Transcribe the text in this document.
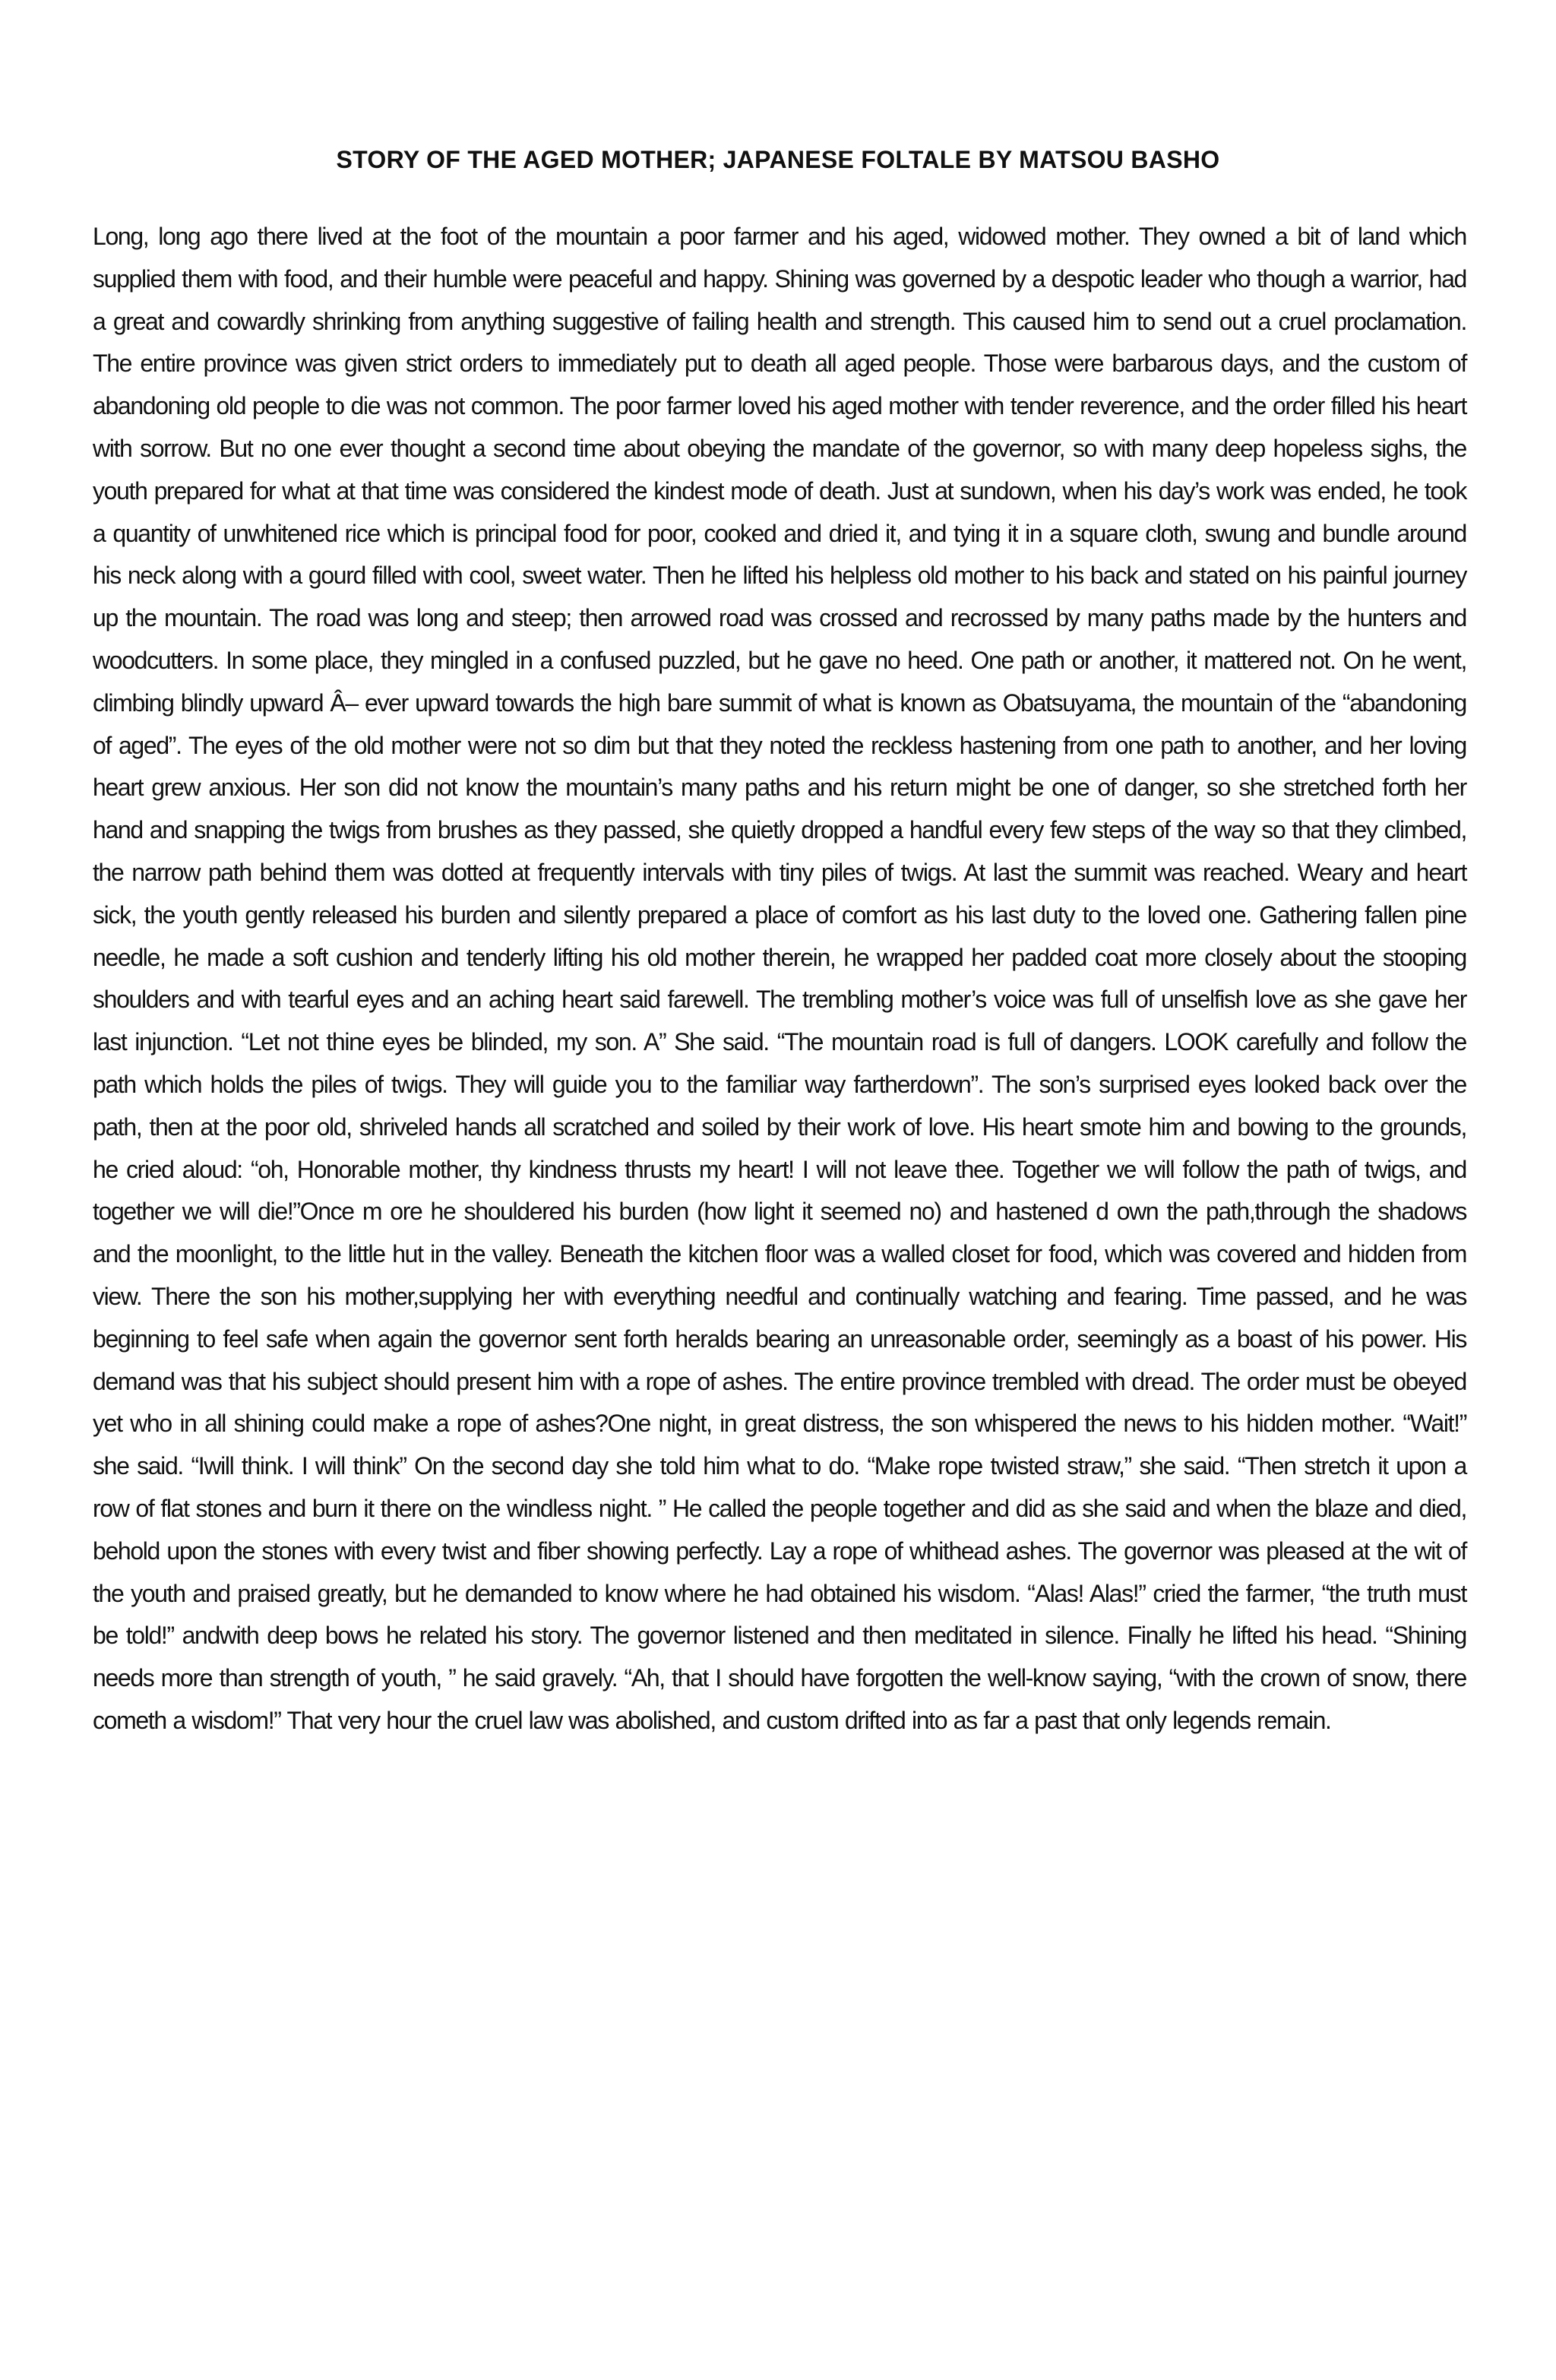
STORY OF THE AGED MOTHER; JAPANESE FOLTALE BY MATSOU BASHO

Long, long ago there lived at the foot of the mountain a poor farmer and his aged, widowed mother. They owned a bit of land which supplied them with food, and their humble were peaceful and happy. Shining was governed by a despotic leader who though a warrior, had a great and cowardly shrinking from anything suggestive of failing health and strength. This caused him to send out a cruel proclamation. The entire province was given strict orders to immediately put to death all aged people. Those were barbarous days, and the custom of abandoning old people to die was not common. The poor farmer loved his aged mother with tender reverence, and the order filled his heart with sorrow. But no one ever thought a second time about obeying the mandate of the governor, so with many deep hopeless sighs, the youth prepared for what at that time was considered the kindest mode of death. Just at sundown, when his day’s work was ended, he took a quantity of unwhitened rice which is principal food for poor, cooked and dried it, and tying it in a square cloth, swung and bundle around his neck along with a gourd filled with cool, sweet water. Then he lifted his helpless old mother to his back and stated on his painful journey up the mountain. The road was long and steep; then arrowed road was crossed and recrossed by many paths made by the hunters and woodcutters. In some place, they mingled in a confused puzzled, but he gave no heed. One path or another, it mattered not. On he went, climbing blindly upward Â– ever upward towards the high bare summit of what is known as Obatsuyama, the mountain of the “abandoning of aged”. The eyes of the old mother were not so dim but that they noted the reckless hastening from one path to another, and her loving heart grew anxious. Her son did not know the mountain’s many paths and his return might be one of danger, so she stretched forth her hand and snapping the twigs from brushes as they passed, she quietly dropped a handful every few steps of the way so that they climbed, the narrow path behind them was dotted at frequently intervals with tiny piles of twigs. At last the summit was reached. Weary and heart sick, the youth gently released his burden and silently prepared a place of comfort as his last duty to the loved one. Gathering fallen pine needle, he made a soft cushion and tenderly lifting his old mother therein, he wrapped her padded coat more closely about the stooping shoulders and with tearful eyes and an aching heart said farewell. The trembling mother’s voice was full of unselfish love as she gave her last injunction. “Let not thine eyes be blinded, my son. A” She said. “The mountain road is full of dangers. LOOK carefully and follow the path which holds the piles of twigs. They will guide you to the familiar way fartherdown”. The son’s surprised eyes looked back over the path, then at the poor old, shriveled hands all scratched and soiled by their work of love. His heart smote him and bowing to the grounds, he cried aloud: “oh, Honorable mother, thy kindness thrusts my heart! I will not leave thee. Together we will follow the path of twigs, and together we will die!”Once m ore he shouldered his burden (how light it seemed no) and hastened d own the path,through the shadows and the moonlight, to the little hut in the valley. Beneath the kitchen floor was a walled closet for food, which was covered and hidden from view. There the son his mother,supplying her with everything needful and continually watching and fearing. Time passed, and he was beginning to feel safe when again the governor sent forth heralds bearing an unreasonable order, seemingly as a boast of his power. His demand was that his subject should present him with a rope of ashes. The entire province trembled with dread. The order must be obeyed yet who in all shining could make a rope of ashes?One night, in great distress, the son whispered the news to his hidden mother. “Wait!” she said. “Iwill think. I will think” On the second day she told him what to do. “Make rope twisted straw,” she said. “Then stretch it upon a row of flat stones and burn it there on the windless night. ” He called the people together and did as she said and when the blaze and died, behold upon the stones with every twist and fiber showing perfectly. Lay a rope of whithead ashes. The governor was pleased at the wit of the youth and praised greatly, but he demanded to know where he had obtained his wisdom. “Alas! Alas!” cried the farmer, “the truth must be told!” andwith deep bows he related his story. The governor listened and then meditated in silence. Finally he lifted his head. “Shining needs more than strength of youth, ” he said gravely. “Ah, that I should have forgotten the well-know saying, “with the crown of snow, there cometh a wisdom!” That very hour the cruel law was abolished, and custom drifted into as far a past that only legends remain.
